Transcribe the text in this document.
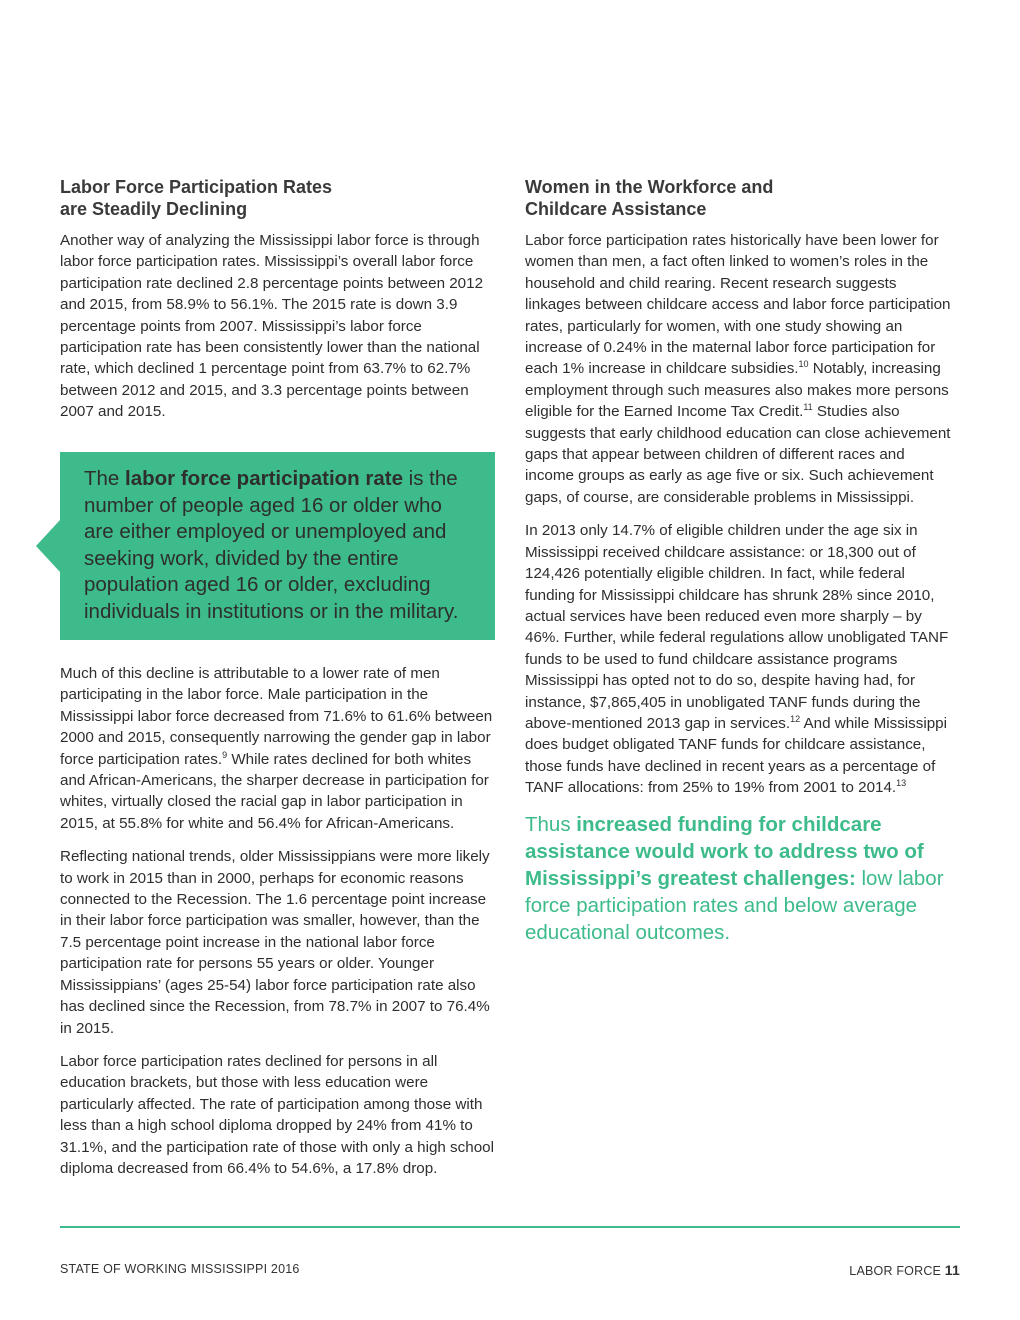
Labor Force Participation Rates
are Steadily Declining

Another way of analyzing the Mississippi labor force is through labor force participation rates. Mississippi’s overall labor force participation rate declined 2.8 percentage points between 2012 and 2015, from 58.9% to 56.1%. The 2015 rate is down 3.9 percentage points from 2007. Mississippi’s labor force participation rate has been consistently lower than the national rate, which declined 1 percentage point from 63.7% to 62.7% between 2012 and 2015, and 3.3 percentage points between 2007 and 2015.

The labor force participation rate is the number of people aged 16 or older who are either employed or unemployed and seeking work, divided by the entire population aged 16 or older, excluding individuals in institutions or in the military.

Much of this decline is attributable to a lower rate of men participating in the labor force. Male participation in the Mississippi labor force decreased from 71.6% to 61.6% between 2000 and 2015, consequently narrowing the gender gap in labor force participation rates.$^9$ While rates declined for both whites and African-Americans, the sharper decrease in participation for whites, virtually closed the racial gap in labor participation in 2015, at 55.8% for white and 56.4% for African-Americans.

Reflecting national trends, older Mississippians were more likely to work in 2015 than in 2000, perhaps for economic reasons connected to the Recession. The 1.6 percentage point increase in their labor force participation was smaller, however, than the 7.5 percentage point increase in the national labor force participation rate for persons 55 years or older. Younger Mississippians’ (ages 25-54) labor force participation rate also has declined since the Recession, from 78.7% in 2007 to 76.4% in 2015.

Labor force participation rates declined for persons in all education brackets, but those with less education were particularly affected. The rate of participation among those with less than a high school diploma dropped by 24% from 41% to 31.1%, and the participation rate of those with only a high school diploma decreased from 66.4% to 54.6%, a 17.8% drop.

Women in the Workforce and
Childcare Assistance

Labor force participation rates historically have been lower for women than men, a fact often linked to women’s roles in the household and child rearing. Recent research suggests linkages between childcare access and labor force participation rates, particularly for women, with one study showing an increase of 0.24% in the maternal labor force participation for each 1% increase in childcare subsidies.$^{10}$ Notably, increasing employment through such measures also makes more persons eligible for the Earned Income Tax Credit.$^{11}$ Studies also suggests that early childhood education can close achievement gaps that appear between children of different races and income groups as early as age five or six. Such achievement gaps, of course, are considerable problems in Mississippi.

In 2013 only 14.7% of eligible children under the age six in Mississippi received childcare assistance: or 18,300 out of 124,426 potentially eligible children. In fact, while federal funding for Mississippi childcare has shrunk 28% since 2010, actual services have been reduced even more sharply – by 46%. Further, while federal regulations allow unobligated TANF funds to be used to fund childcare assistance programs Mississippi has opted not to do so, despite having had, for instance, $7,865,405 in unobligated TANF funds during the above-mentioned 2013 gap in services.$^{12}$ And while Mississippi does budget obligated TANF funds for childcare assistance, those funds have declined in recent years as a percentage of TANF allocations: from 25% to 19% from 2001 to 2014.13

Thus increased funding for childcare assistance would work to address two of Mississippi’s greatest challenges: low labor force participation rates and below average educational outcomes.
STATE OF WORKING MISSISSIPPI 2016	LABOR FORCE 11
